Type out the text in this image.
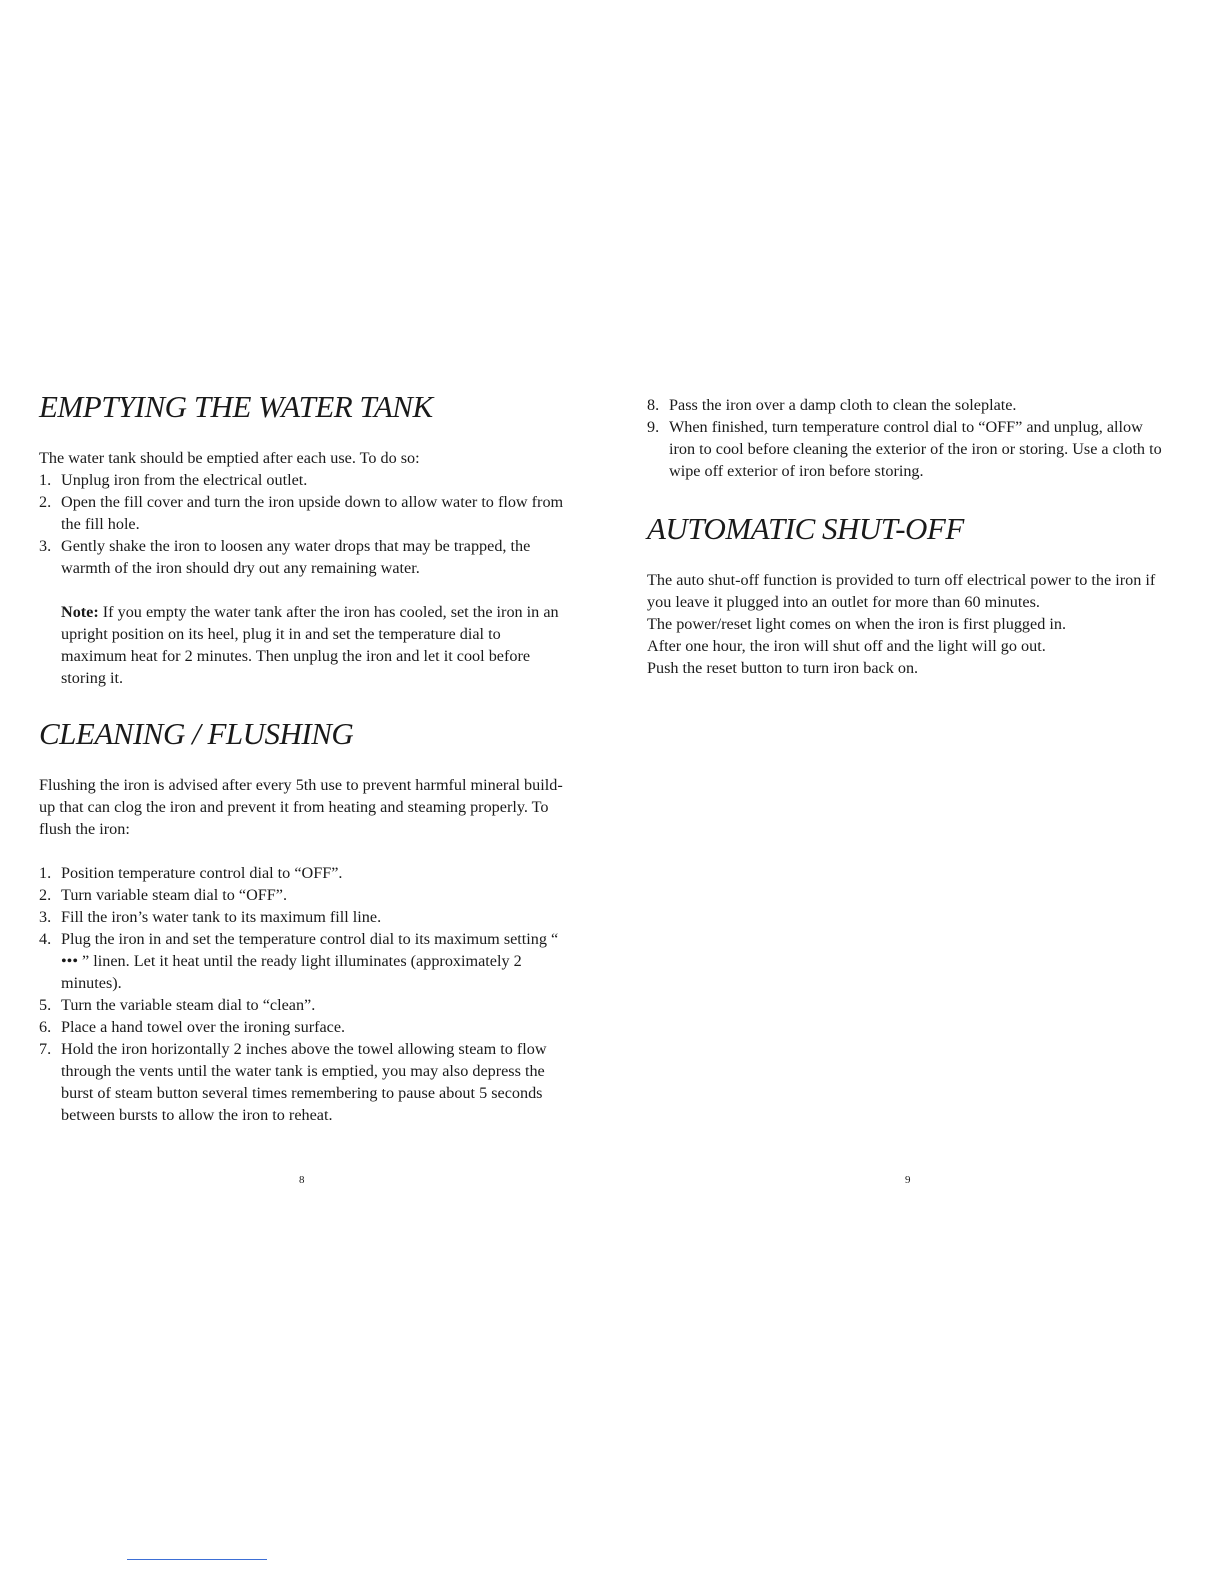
EMPTYING THE WATER TANK

The water tank should be emptied after each use. To do so:

1. Unplug iron from the electrical outlet.
2. Open the fill cover and turn the iron upside down to allow water to flow from the fill hole.
3. Gently shake the iron to loosen any water drops that may be trapped, the warmth of the iron should dry out any remaining water.

Note: If you empty the water tank after the iron has cooled, set the iron in an upright position on its heel, plug it in and set the temperature dial to maximum heat for 2 minutes. Then unplug the iron and let it cool before storing it.

CLEANING / FLUSHING

Flushing the iron is advised after every 5th use to prevent harmful mineral build-up that can clog the iron and prevent it from heating and steaming properly. To flush the iron:

1. Position temperature control dial to “OFF”.
2. Turn variable steam dial to “OFF”.
3. Fill the iron’s water tank to its maximum fill line.
4. Plug the iron in and set the temperature control dial to its maximum setting “ ••• ” linen. Let it heat until the ready light illuminates (approximately 2 minutes).
5. Turn the variable steam dial to “clean”.
6. Place a hand towel over the ironing surface.
7. Hold the iron horizontally 2 inches above the towel allowing steam to flow through the vents until the water tank is emptied, you may also depress the burst of steam button several times remembering to pause about 5 seconds between bursts to allow the iron to reheat.
8
8. Pass the iron over a damp cloth to clean the soleplate.
9. When finished, turn temperature control dial to “OFF” and unplug, allow iron to cool before cleaning the exterior of the iron or storing. Use a cloth to wipe off exterior of iron before storing.
AUTOMATIC SHUT-OFF

The auto shut-off function is provided to turn off electrical power to the iron if you leave it plugged into an outlet for more than 60 minutes.

The power/reset light comes on when the iron is first plugged in.

After one hour, the iron will shut off and the light will go out.

Push the reset button to turn iron back on.

9
